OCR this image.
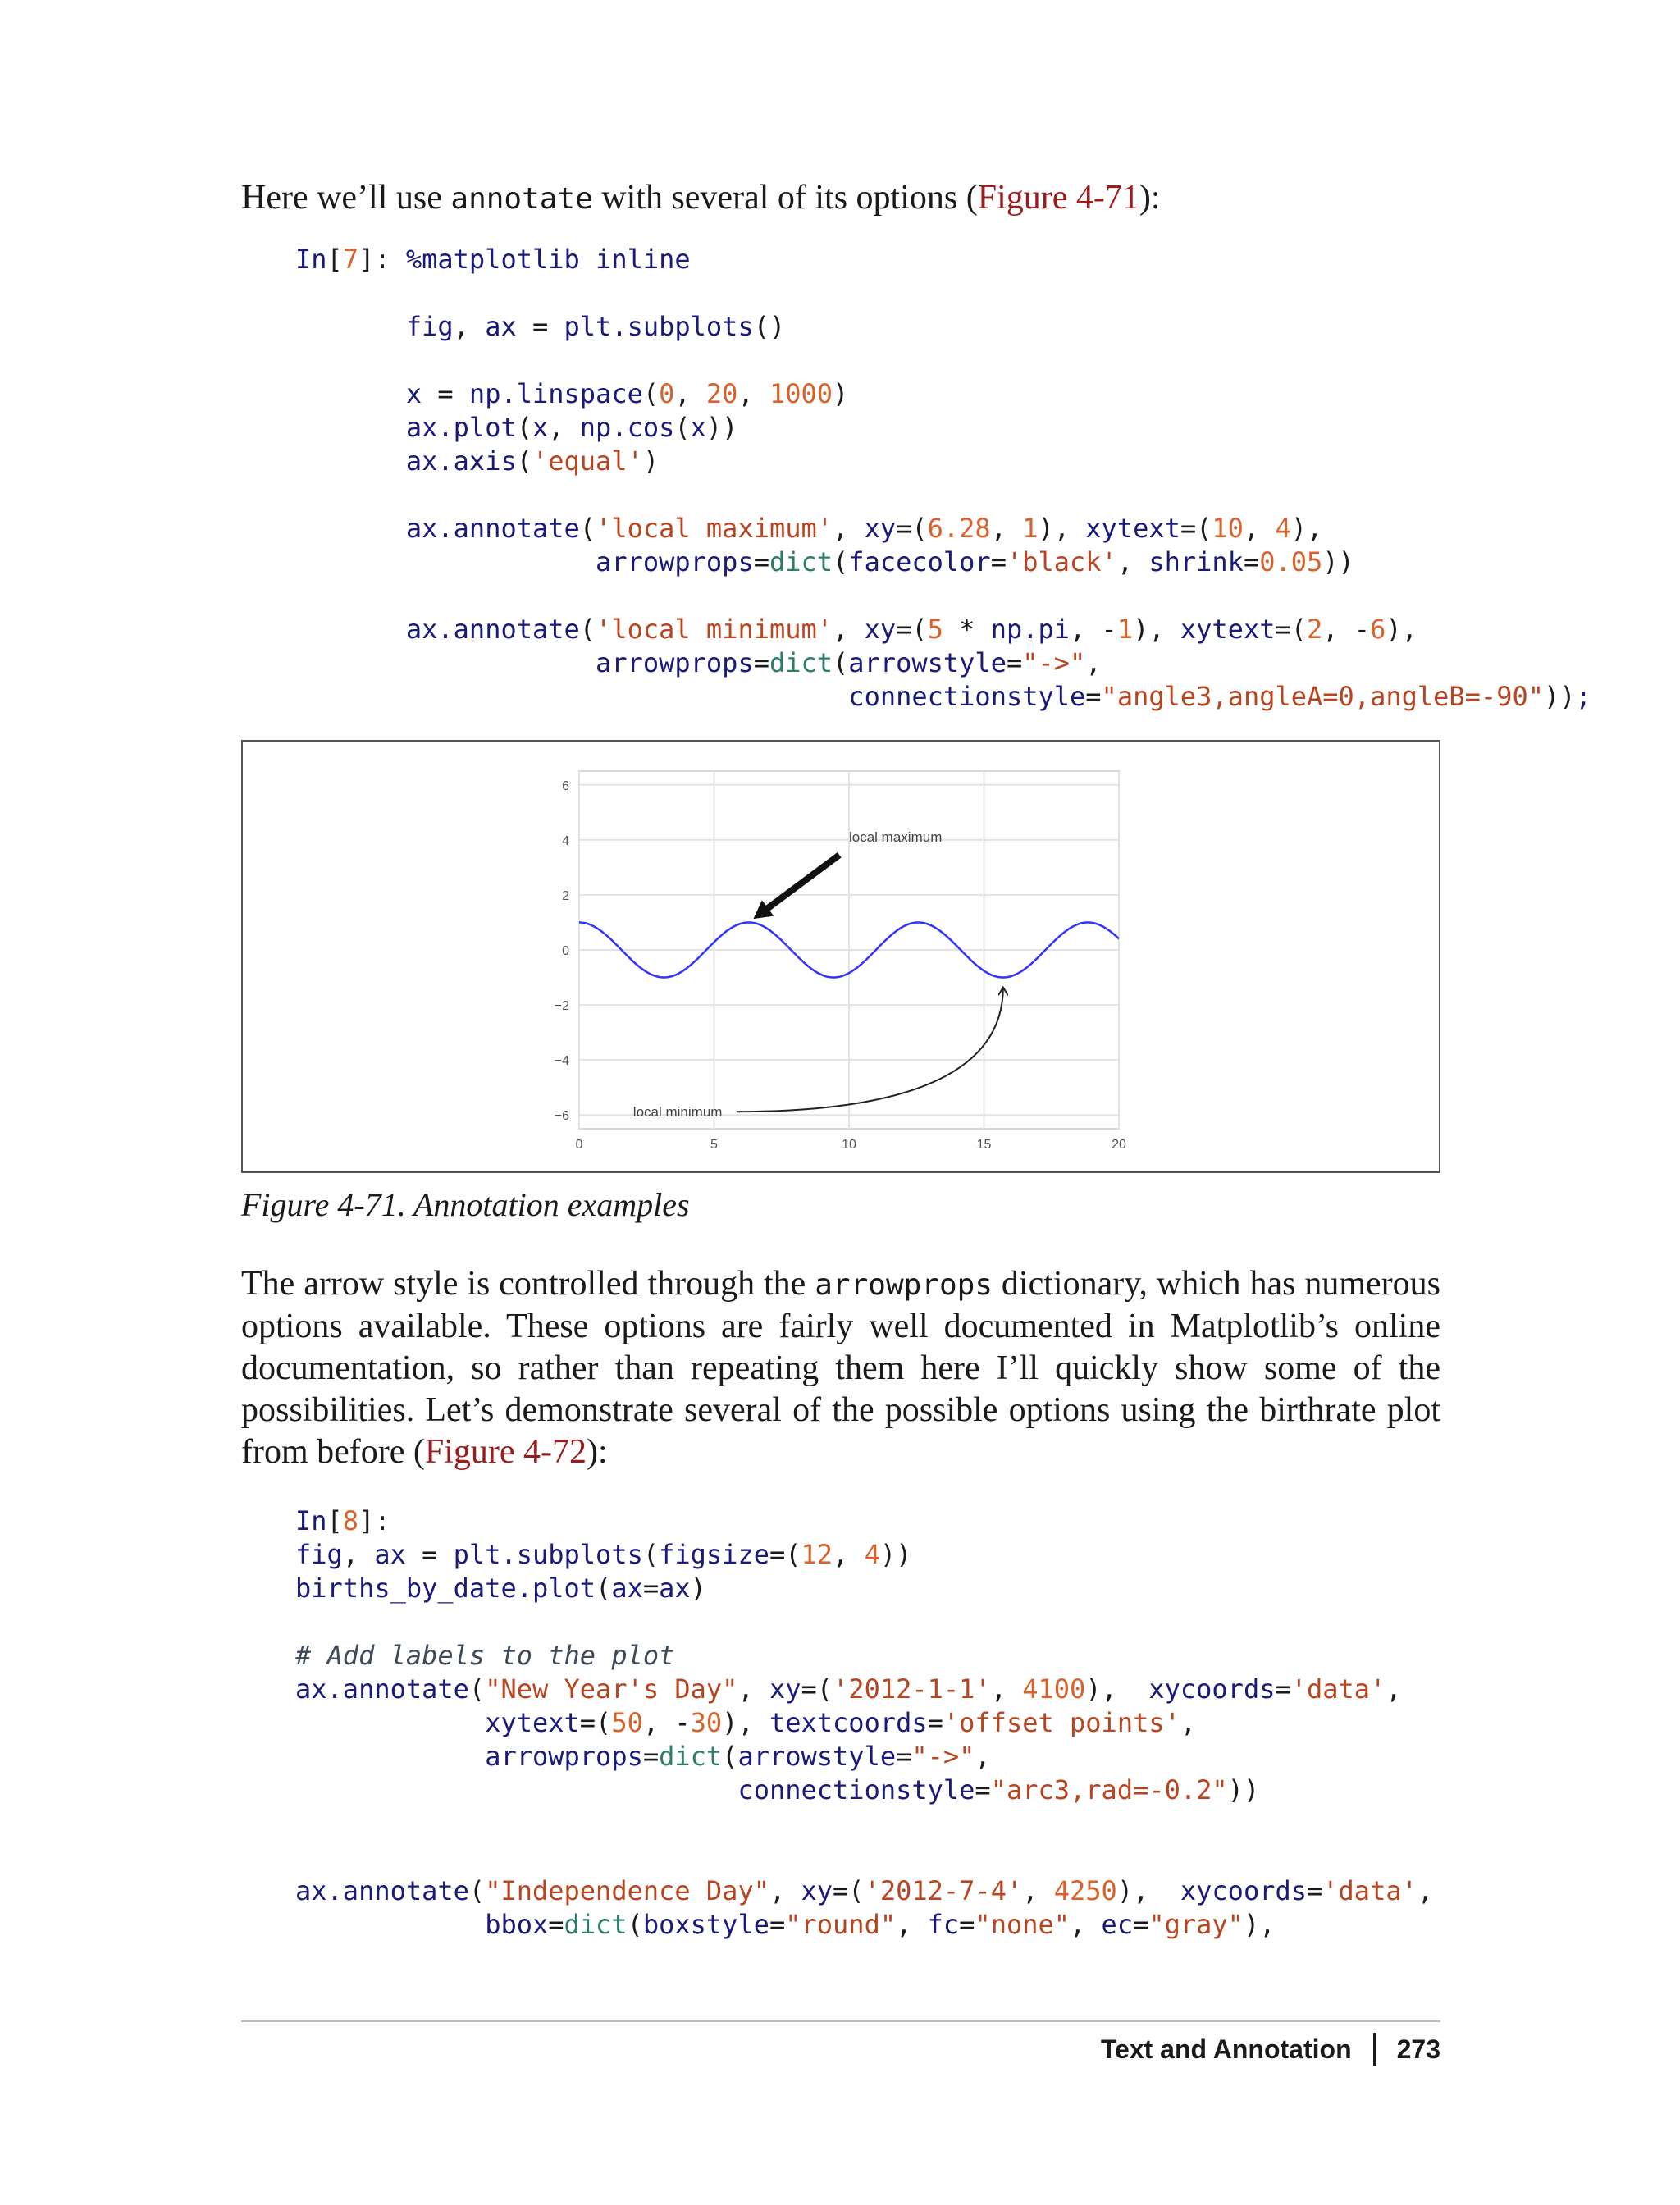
Here we’ll use annotate with several of its options (Figure 4-71):

In[7]: %matplotlib inline

fig, ax = plt.subplots()

x = np.linspace(0, 20, 1000)
ax.plot(x, np.cos(x))
ax.axis('equal')

ax.annotate('local maximum', xy=(6.28, 1), xytext=(10, 4),
arrowprops=dict(facecolor='black', shrink=0.05))

ax.annotate('local minimum', xy=(5 * np.pi, -1), xytext=(2, -6),
arrowprops=dict(arrowstyle="->",
connectionstyle="angle3,angleA=0,angleB=-90"));
0	5	10	15	20
6
4
2
0
−2
−4
−6
local maximum
local minimum
Figure 4-71. Annotation examples

The arrow style is controlled through the arrowprops dictionary, which has numerous options available. These options are fairly well documented in Matplotlib’s online documentation, so rather than repeating them here I’ll quickly show some of the possibilities. Let’s demonstrate several of the possible options using the birthrate plot from before (Figure 4-72):

In[8]:
fig, ax = plt.subplots(figsize=(12, 4))
births_by_date.plot(ax=ax)

# Add labels to the plot
ax.annotate("New Year's Day", xy=('2012-1-1', 4100),  xycoords='data',
xytext=(50, -30), textcoords='offset points',
arrowprops=dict(arrowstyle="->",
connectionstyle="arc3,rad=-0.2"))

ax.annotate("Independence Day", xy=('2012-7-4', 4250),  xycoords='data',
bbox=dict(boxstyle="round", fc="none", ec="gray"),
Text and Annotation 273
